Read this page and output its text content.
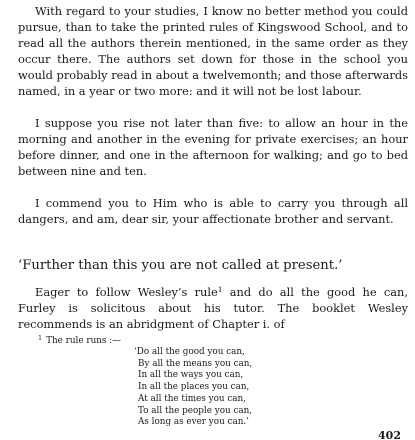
With regard to your studies, I know no better method you could pursue, than to take the printed rules of Kingswood School, and to read all the authors therein mentioned, in the same order as they occur there. The authors set down for those in the school you would probably read in about a twelvemonth; and those afterwards named, in a year or two more: and it will not be lost labour.

I suppose you rise not later than five: to allow an hour in the morning and another in the evening for private exercises; an hour before dinner, and one in the afternoon for walking; and go to bed between nine and ten.

I commend you to Him who is able to carry you through all dangers, and am, dear sir, your affectionate brother and servant.

‘Further than this you are not called at present.’

Eager to follow Wesley’s rule$^1$ and do all the good he can, Furley is solicitous about his tutor. The booklet Wesley recommends is an abridgment of Chapter i. of

$^1$ The rule runs :—

‘Do all the good you can,
By all the means you can,
In all the ways you can,
In all the places you can,
At all the times you can,
To all the people you can,
As long as ever you can.’
402
